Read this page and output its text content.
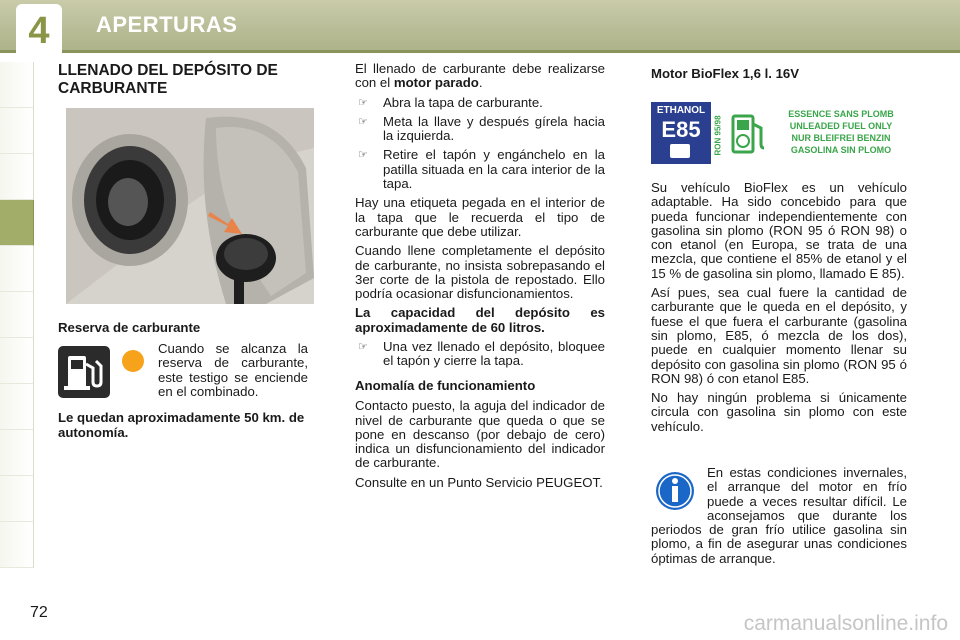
4	APERTURAS
LLENADO DEL DEPÓSITO DE CARBURANTE
Reserva de carburante
Cuando se alcanza la reserva de carburante, este testigo se enciende en el combinado.
Le quedan aproximadamente 50 km. de autonomía.

El llenado de carburante debe realizarse con el motor parado.

☞	Abra la tapa de carburante.
☞	Meta la llave y después gírela hacia la izquierda.
☞	Retire el tapón y engánchelo en la patilla situada en la cara interior de la tapa.

Hay una etiqueta pegada en el interior de la tapa que le recuerda el tipo de carburante que debe utilizar.

Cuando llene completamente el depósito de carburante, no insista sobrepasando el 3er corte de la pistola de repostado. Ello podría ocasionar disfuncionamientos.

La capacidad del depósito es aproximadamente de 60 litros.

☞	Una vez llenado el depósito, bloquee el tapón y cierre la tapa.

Anomalía de funcionamiento

Contacto puesto, la aguja del indicador de nivel de carburante que queda o que se pone en descanso (por debajo de cero) indica un disfuncionamiento del indicador de carburante.

Consulte en un Punto Servicio PEUGEOT.

Motor BioFlex 1,6 l. 16V
ETHANOL
E85	RON 95/98
ESSENCE SANS PLOMB
UNLEADED FUEL ONLY
NUR BLEIFREI BENZIN
GASOLINA SIN PLOMO

Su vehículo BioFlex es un vehículo adaptable. Ha sido concebido para que pueda funcionar independientemente con gasolina sin plomo (RON 95 ó RON 98) o con etanol (en Europa, se trata de una mezcla, que contiene el 85% de etanol y el 15 % de gasolina sin plomo, llamado E 85).

Así pues, sea cual fuere la cantidad de carburante que le queda en el depósito, y fuese el que fuera el carburante (gasolina sin plomo, E85, ó mezcla de los dos), puede en cualquier momento llenar su depósito con gasolina sin plomo (RON 95 ó RON 98) ó con etanol E85.

No hay ningún problema si únicamente circula con gasolina sin plomo con este vehículo.

En estas condiciones invernales, el arranque del motor en frío puede a veces resultar difícil. Le aconsejamos que durante los periodos de gran frío utilice gasolina sin plomo, a fin de asegurar unas condiciones óptimas de arranque.

72	carmanualsonline.info
